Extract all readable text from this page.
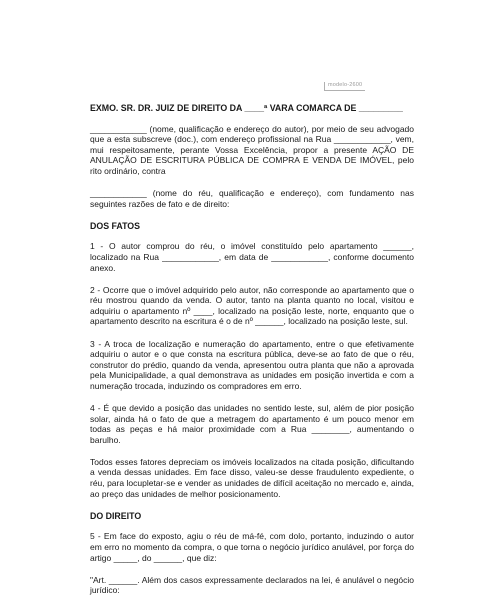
modelo-2600
EXMO. SR. DR. JUIZ DE DIREITO DA ____ª VARA COMARCA DE _________

____________ (nome, qualificação e endereço do autor), por meio de seu advogado que a esta subscreve (doc.), com endereço profissional na Rua ____________, vem, mui respeitosamente, perante Vossa Excelência, propor a presente AÇÃO DE ANULAÇÃO DE ESCRITURA PÚBLICA DE COMPRA E VENDA DE IMÓVEL, pelo rito ordinário, contra

____________ (nome do réu, qualificação e endereço), com fundamento nas seguintes razões de fato e de direito:

DOS FATOS

1 - O autor comprou do réu, o imóvel constituído pelo apartamento ______, localizado na Rua ____________, em data de ____________, conforme documento anexo.

2 - Ocorre que o imóvel adquirido pelo autor, não corresponde ao apartamento que o réu mostrou quando da venda. O autor, tanto na planta quanto no local, visitou e adquiriu o apartamento nº ____, localizado na posição leste, norte, enquanto que o apartamento descrito na escritura é o de nº ______, localizado na posição leste, sul.

3 - A troca de localização e numeração do apartamento, entre o que efetivamente adquiriu o autor e o que consta na escritura pública, deve-se ao fato de que o réu, construtor do prédio, quando da venda, apresentou outra planta que não a aprovada pela Municipalidade, a qual demonstrava as unidades em posição invertida e com a numeração trocada, induzindo os compradores em erro.

4 - É que devido a posição das unidades no sentido leste, sul, além de pior posição solar, ainda há o fato de que a metragem do apartamento é um pouco menor em todas as peças e há maior proximidade com a Rua ________, aumentando o barulho.

Todos esses fatores depreciam os imóveis localizados na citada posição, dificultando a venda dessas unidades. Em face disso, valeu-se desse fraudulento expediente, o réu, para locupletar-se e vender as unidades de difícil aceitação no mercado e, ainda, ao preço das unidades de melhor posicionamento.

DO DIREITO

5 - Em face do exposto, agiu o réu de má-fé, com dolo, portanto, induzindo o autor em erro no momento da compra, o que torna o negócio jurídico anulável, por força do artigo _____, do ______, que diz:

"Art. ______. Além dos casos expressamente declarados na lei, é anulável o negócio jurídico:
